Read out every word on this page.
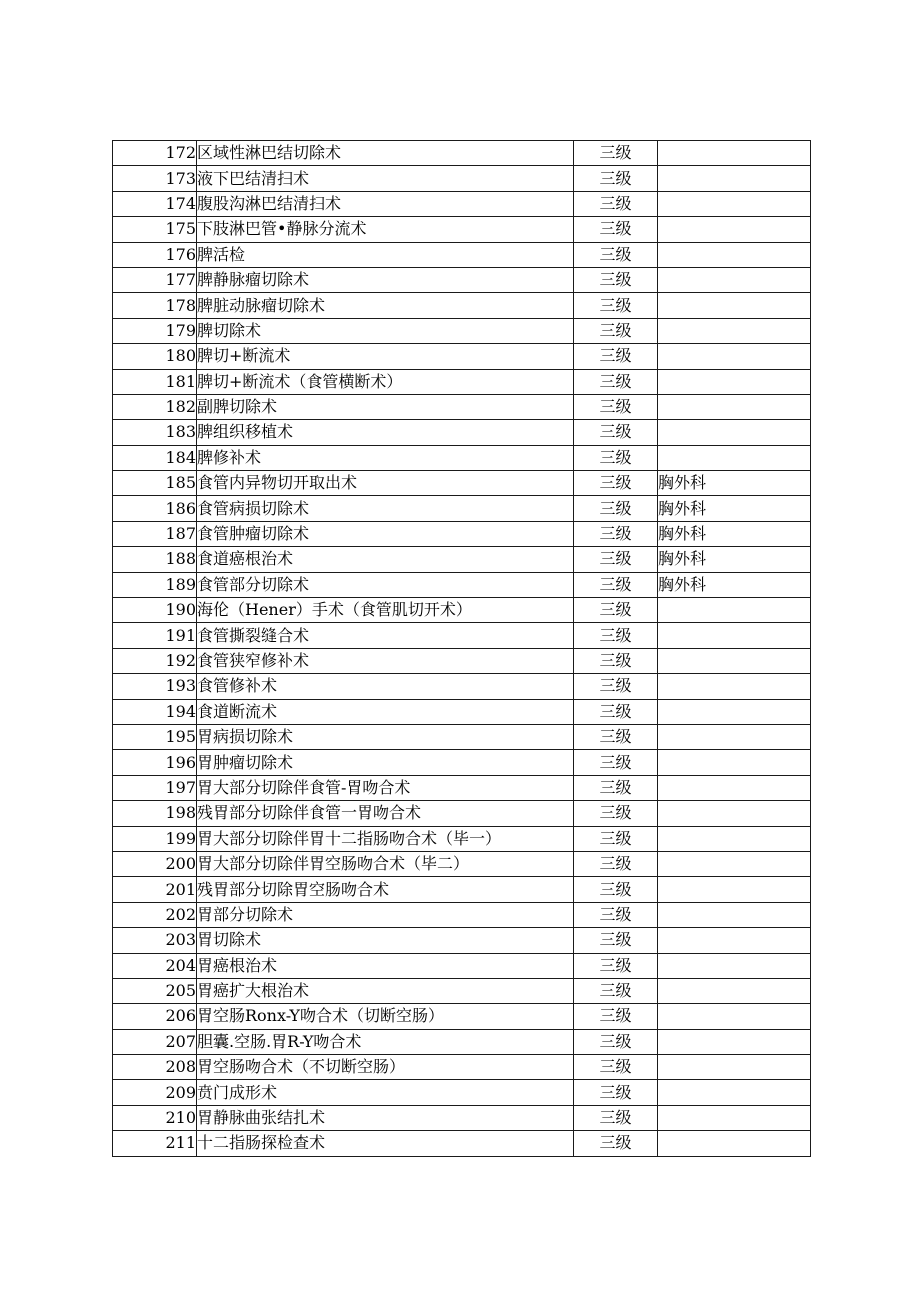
172	区域性淋巴结切除术	三级	
173	液下巴结清扫术	三级	
174	腹股沟淋巴结清扫术	三级	
175	下肢淋巴管•静脉分流术	三级	
176	脾活检	三级	
177	脾静脉瘤切除术	三级	
178	脾脏动脉瘤切除术	三级	
179	脾切除术	三级	
180	脾切+断流术	三级	
181	脾切+断流术（食管横断术）	三级	
182	副脾切除术	三级	
183	脾组织移植术	三级	
184	脾修补术	三级	
185	食管内异物切开取出术	三级	胸外科
186	食管病损切除术	三级	胸外科
187	食管肿瘤切除术	三级	胸外科
188	食道癌根治术	三级	胸外科
189	食管部分切除术	三级	胸外科
190	海伦（Hener）手术（食管肌切开术）	三级	
191	食管撕裂缝合术	三级	
192	食管狭窄修补术	三级	
193	食管修补术	三级	
194	食道断流术	三级	
195	胃病损切除术	三级	
196	胃肿瘤切除术	三级	
197	胃大部分切除伴食管-胃吻合术	三级	
198	残胃部分切除伴食管一胃吻合术	三级	
199	胃大部分切除伴胃十二指肠吻合术（毕一）	三级	
200	胃大部分切除伴胃空肠吻合术（毕二）	三级	
201	残胃部分切除胃空肠吻合术	三级	
202	胃部分切除术	三级	
203	胃切除术	三级	
204	胃癌根治术	三级	
205	胃癌扩大根治术	三级	
206	胃空肠Ronx-Y吻合术（切断空肠）	三级	
207	胆囊.空肠.胃R-Y吻合术	三级	
208	胃空肠吻合术（不切断空肠）	三级	
209	贲门成形术	三级	
210	胃静脉曲张结扎术	三级	
211	十二指肠探检查术	三级	
